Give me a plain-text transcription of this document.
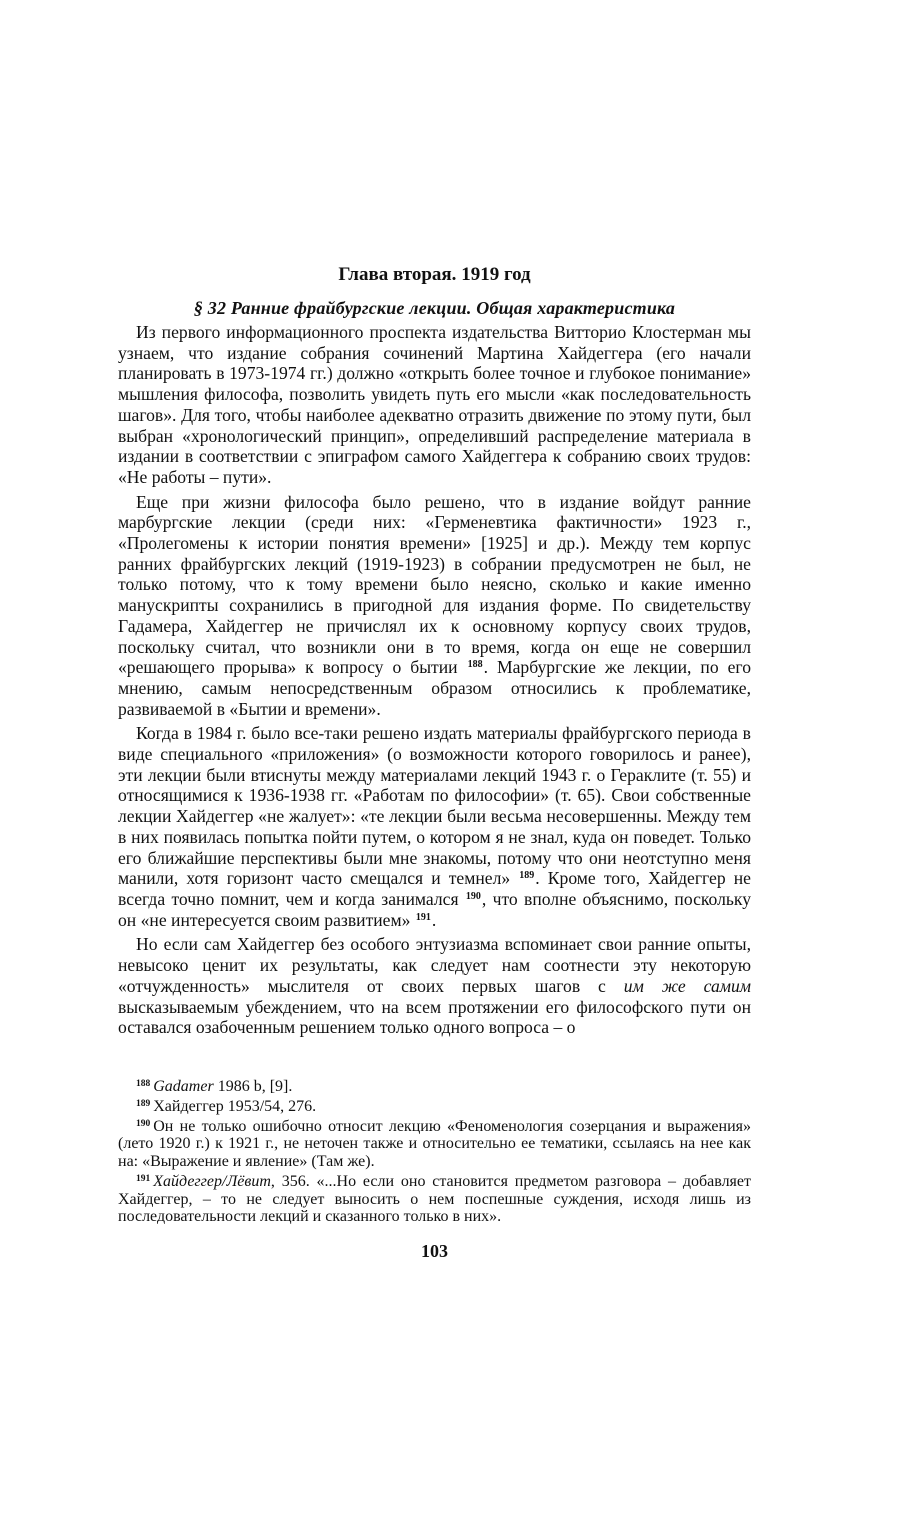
Глава вторая. 1919 год
§ 32 Ранние фрайбургские лекции. Общая характеристика

Из первого информационного проспекта издательства Витторио Клостерман мы узнаем, что издание собрания сочинений Мартина Хайдеггера (его начали планировать в 1973-1974 гг.) должно «открыть более точное и глубокое понимание» мышления философа, позволить увидеть путь его мысли «как последовательность шагов». Для того, чтобы наиболее адекватно отразить движение по этому пути, был выбран «хронологический принцип», определивший распределение материала в издании в соответствии с эпиграфом самого Хайдеггера к собранию своих трудов: «Не работы – пути».

Еще при жизни философа было решено, что в издание войдут ранние марбургские лекции (среди них: «Герменевтика фактичности» 1923 г., «Пролегомены к истории понятия времени» [1925] и др.). Между тем корпус ранних фрайбургских лекций (1919-1923) в собрании предусмотрен не был, не только потому, что к тому времени было неясно, сколько и какие именно манускрипты сохранились в пригодной для издания форме. По свидетельству Гадамера, Хайдеггер не причислял их к основному корпусу своих трудов, поскольку считал, что возникли они в то время, когда он еще не совершил «решающего прорыва» к вопросу о бытии $^{188}$. Марбургские же лекции, по его мнению, самым непосредственным образом относились к проблематике, развиваемой в «Бытии и времени».

Когда в 1984 г. было все-таки решено издать материалы фрайбургского периода в виде специального «приложения» (о возможности которого говорилось и ранее), эти лекции были втиснуты между материалами лекций 1943 г. о Гераклите (т. 55) и относящимися к 1936-1938 гг. «Работам по философии» (т. 65). Свои собственные лекции Хайдеггер «не жалует»: «те лекции были весьма несовершенны. Между тем в них появилась попытка пойти путем, о котором я не знал, куда он поведет. Только его ближайшие перспективы были мне знакомы, потому что они неотступно меня манили, хотя горизонт часто смещался и темнел» $^{189}$. Кроме того, Хайдеггер не всегда точно помнит, чем и когда занимался $^{190}$, что вполне объяснимо, поскольку он «не интересуется своим развитием» $^{191}$.

Но если сам Хайдеггер без особого энтузиазма вспоминает свои ранние опыты, невысоко ценит их результаты, как следует нам соотнести эту некоторую «отчужденность» мыслителя от своих первых шагов с им же самим высказываемым убеждением, что на всем протяжении его философского пути он оставался озабоченным решением только одного вопроса – о

$^{188}$ Gadamer 1986 b, [9].

$^{189}$ Хайдеггер 1953/54, 276.

$^{190}$ Он не только ошибочно относит лекцию «Феноменология созерцания и выражения» (лето 1920 г.) к 1921 г., не неточен также и относительно ее тематики, ссылаясь на нее как на: «Выражение и явление» (Там же).

$^{191}$ Хайдеггер/Лёвит, 356. «...Но если оно становится предметом разговора – добавляет Хайдеггер, – то не следует выносить о нем поспешные суждения, исходя лишь из последовательности лекций и сказанного только в них».

103
